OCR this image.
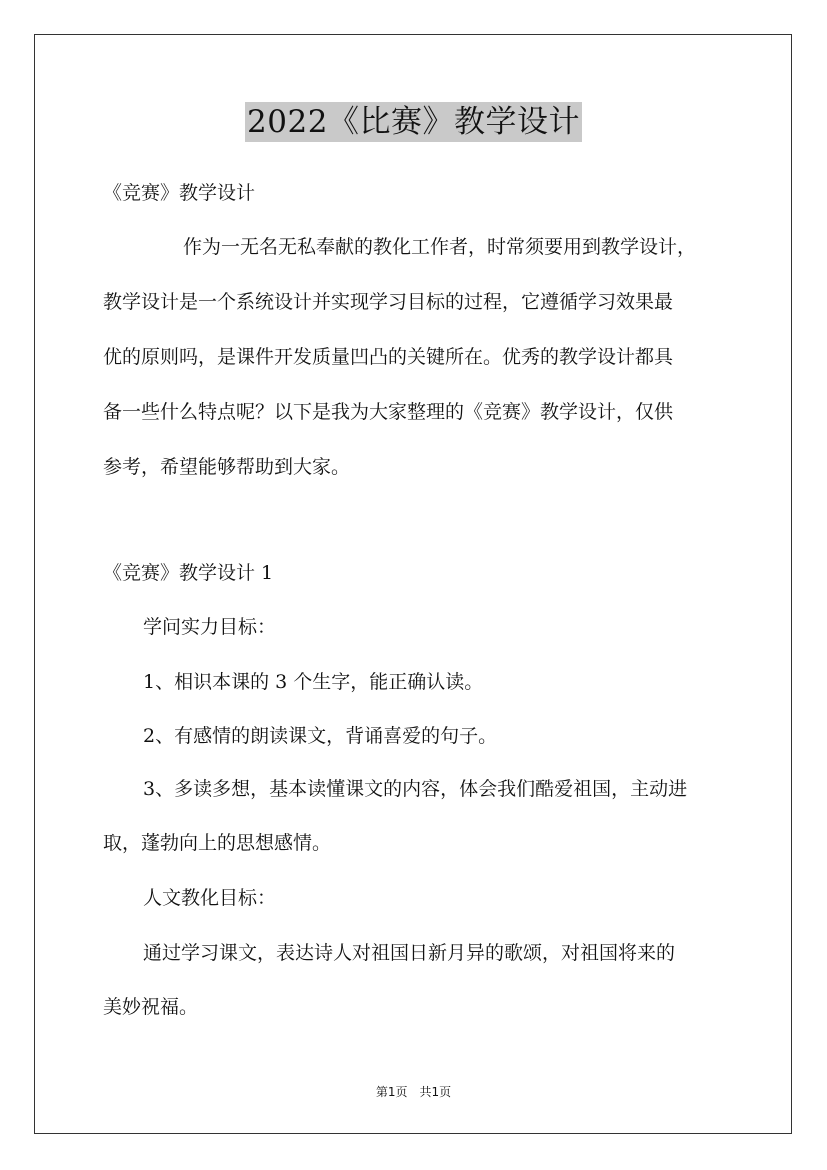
2022《比赛》教学设计
《竞赛》教学设计
作为一无名无私奉献的教化工作者，时常须要用到教学设计，
教学设计是一个系统设计并实现学习目标的过程，它遵循学习效果最
优的原则吗，是课件开发质量凹凸的关键所在。优秀的教学设计都具
备一些什么特点呢？以下是我为大家整理的《竞赛》教学设计，仅供
参考，希望能够帮助到大家。
《竞赛》教学设计 1
学问实力目标：
1、相识本课的 3 个生字，能正确认读。
2、有感情的朗读课文，背诵喜爱的句子。
3、多读多想，基本读懂课文的内容，体会我们酷爱祖国，主动进
取，蓬勃向上的思想感情。
人文教化目标：
通过学习课文，表达诗人对祖国日新月异的歌颂，对祖国将来的
美妙祝福。
第1页　共1页
